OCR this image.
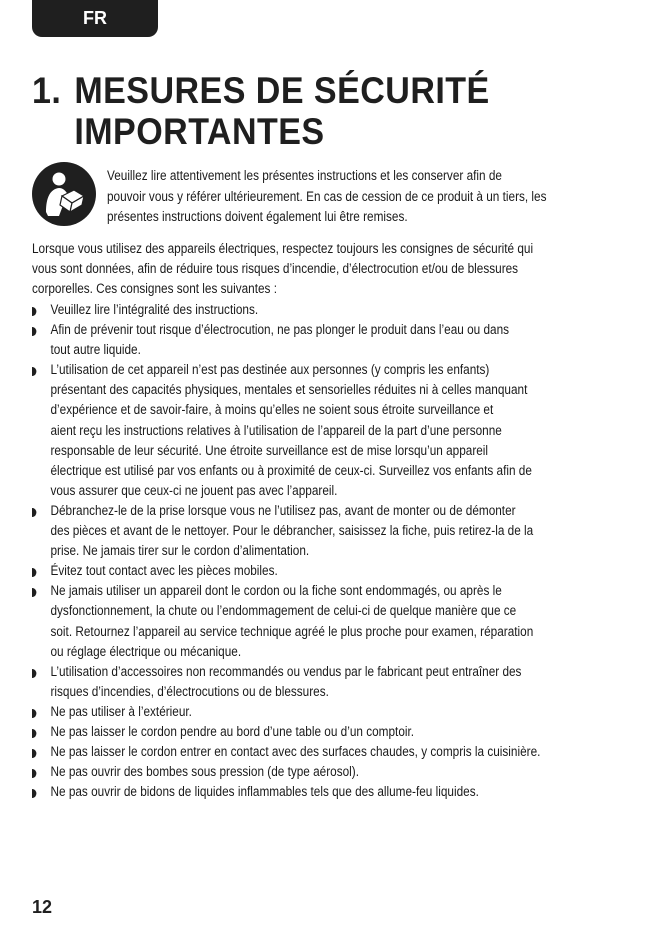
FR
1. MESURES DE SÉCURITÉ
IMPORTANTES

Veuillez lire attentivement les présentes instructions et les conserver afin de
pouvoir vous y référer ultérieurement. En cas de cession de ce produit à un tiers, les
présentes instructions doivent également lui être remises.

Lorsque vous utilisez des appareils électriques, respectez toujours les consignes de sécurité qui
vous sont données, afin de réduire tous risques d’incendie, d’électrocution et/ou de blessures
corporelles. Ces consignes sont les suivantes :

Veuillez lire l’intégralité des instructions.
Afin de prévenir tout risque d’électrocution, ne pas plonger le produit dans l’eau ou dans
tout autre liquide.
L’utilisation de cet appareil n’est pas destinée aux personnes (y compris les enfants)
présentant des capacités physiques, mentales et sensorielles réduites ni à celles manquant
d’expérience et de savoir-faire, à moins qu’elles ne soient sous étroite surveillance et
aient reçu les instructions relatives à l’utilisation de l’appareil de la part d’une personne
responsable de leur sécurité. Une étroite surveillance est de mise lorsqu’un appareil
électrique est utilisé par vos enfants ou à proximité de ceux-ci. Surveillez vos enfants afin de
vous assurer que ceux-ci ne jouent pas avec l’appareil.
Débranchez-le de la prise lorsque vous ne l’utilisez pas, avant de monter ou de démonter
des pièces et avant de le nettoyer. Pour le débrancher, saisissez la fiche, puis retirez-la de la
prise. Ne jamais tirer sur le cordon d’alimentation.
Évitez tout contact avec les pièces mobiles.
Ne jamais utiliser un appareil dont le cordon ou la fiche sont endommagés, ou après le
dysfonctionnement, la chute ou l’endommagement de celui-ci de quelque manière que ce
soit. Retournez l’appareil au service technique agréé le plus proche pour examen, réparation
ou réglage électrique ou mécanique.
L’utilisation d’accessoires non recommandés ou vendus par le fabricant peut entraîner des
risques d’incendies, d’électrocutions ou de blessures.
Ne pas utiliser à l’extérieur.
Ne pas laisser le cordon pendre au bord d’une table ou d’un comptoir.
Ne pas laisser le cordon entrer en contact avec des surfaces chaudes, y compris la cuisinière.
Ne pas ouvrir des bombes sous pression (de type aérosol).
Ne pas ouvrir de bidons de liquides inflammables tels que des allume-feu liquides.
12
